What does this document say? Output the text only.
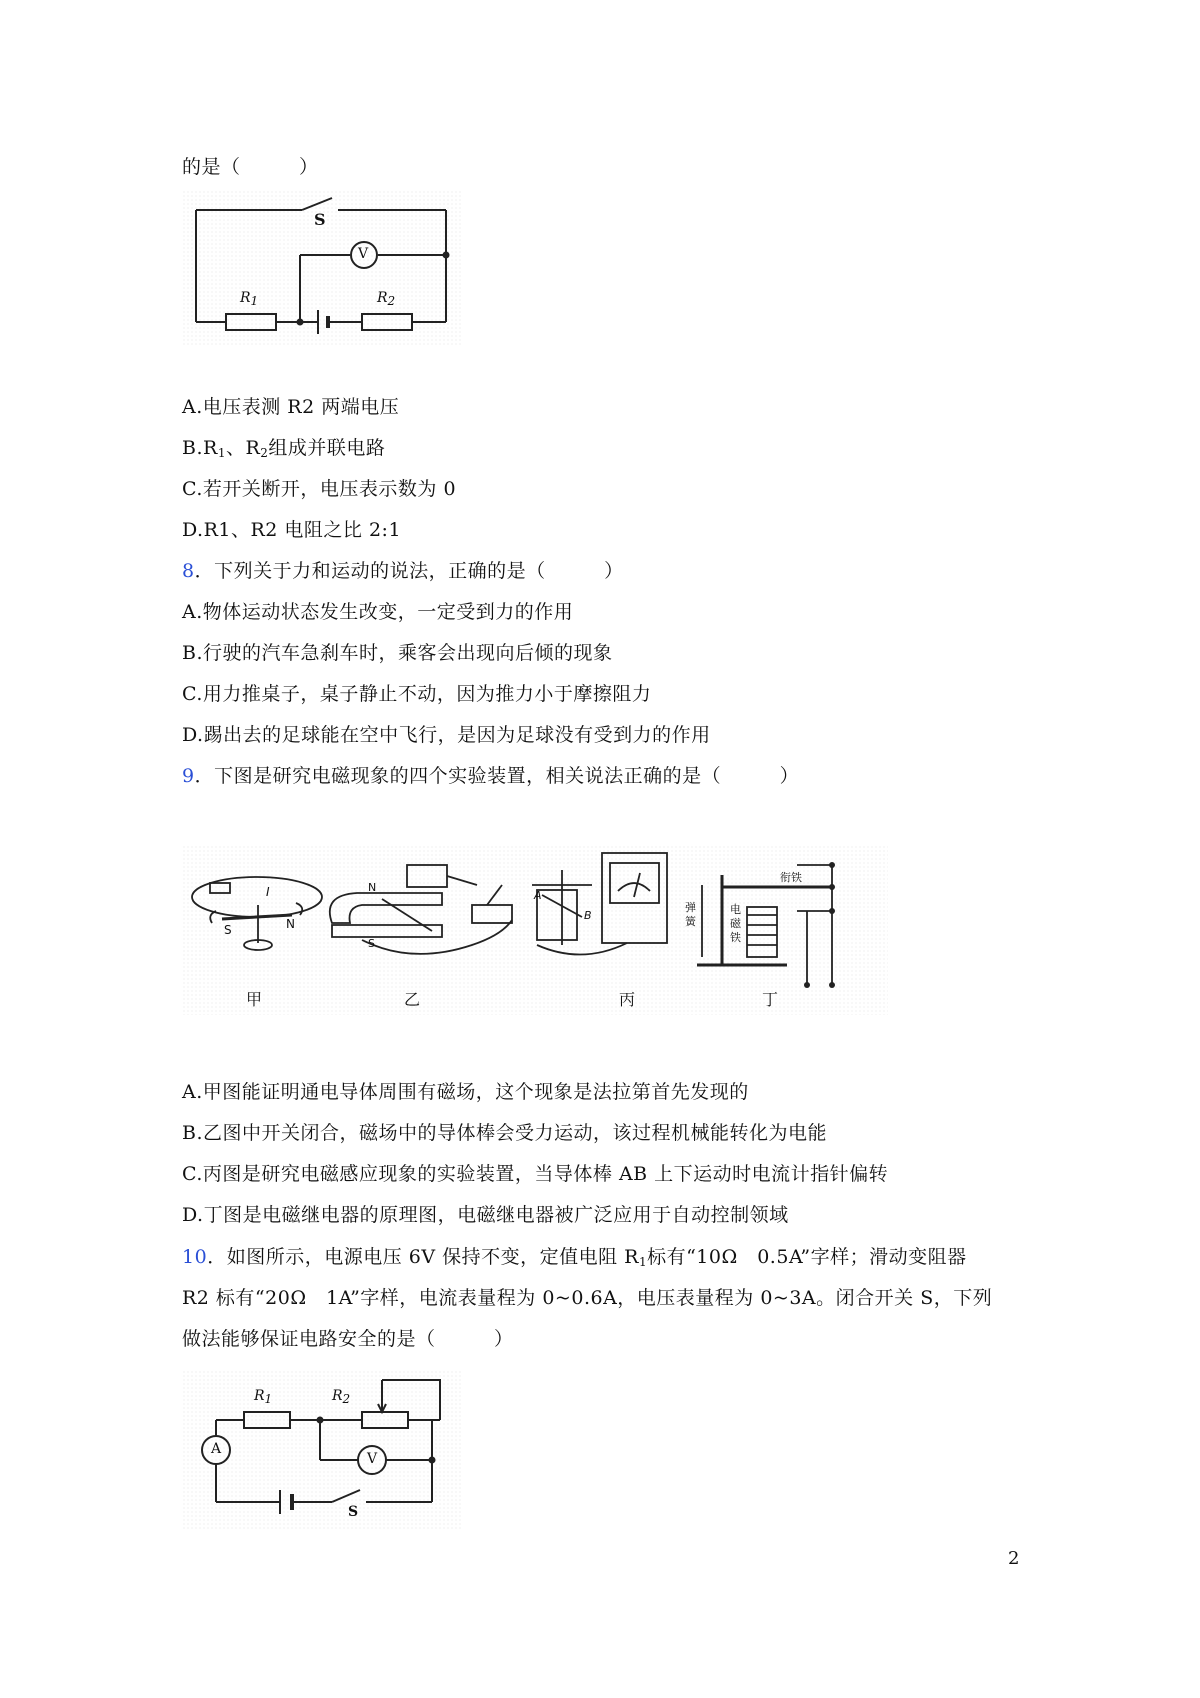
的是（　　　）
S
V
R1	R2
A.电压表测 R2 两端电压
$B.R_1$、$R_2$组成并联电路
C.若开关断开，电压表示数为 0
D.R1、R2 电阻之比 2:1
8．下列关于力和运动的说法，正确的是（　　　）
A.物体运动状态发生改变，一定受到力的作用
B.行驶的汽车急刹车时，乘客会出现向后倾的现象
C.用力推桌子，桌子静止不动，因为推力小于摩擦阻力
D.踢出去的足球能在空中飞行，是因为足球没有受到力的作用
9．下图是研究电磁现象的四个实验装置，相关说法正确的是（　　　）
S	N
I	N
S
A
B
衔铁
弹簧
电磁铁
甲	乙	丙	丁
A.甲图能证明通电导体周围有磁场，这个现象是法拉第首先发现的
B.乙图中开关闭合，磁场中的导体棒会受力运动，该过程机械能转化为电能
C.丙图是研究电磁感应现象的实验装置，当导体棒 AB 上下运动时电流计指针偏转
D.丁图是电磁继电器的原理图，电磁继电器被广泛应用于自动控制领域
10．如图所示，电源电压 6V 保持不变，定值电阻 $R_1$标有“10Ω　0.5A”字样；滑动变阻器
R2 标有“20Ω　1A”字样，电流表量程为 0~0.6A，电压表量程为 0~3A。闭合开关 S，下列
做法能够保证电路安全的是（　　　）
R1	R2
A
V
S
2
